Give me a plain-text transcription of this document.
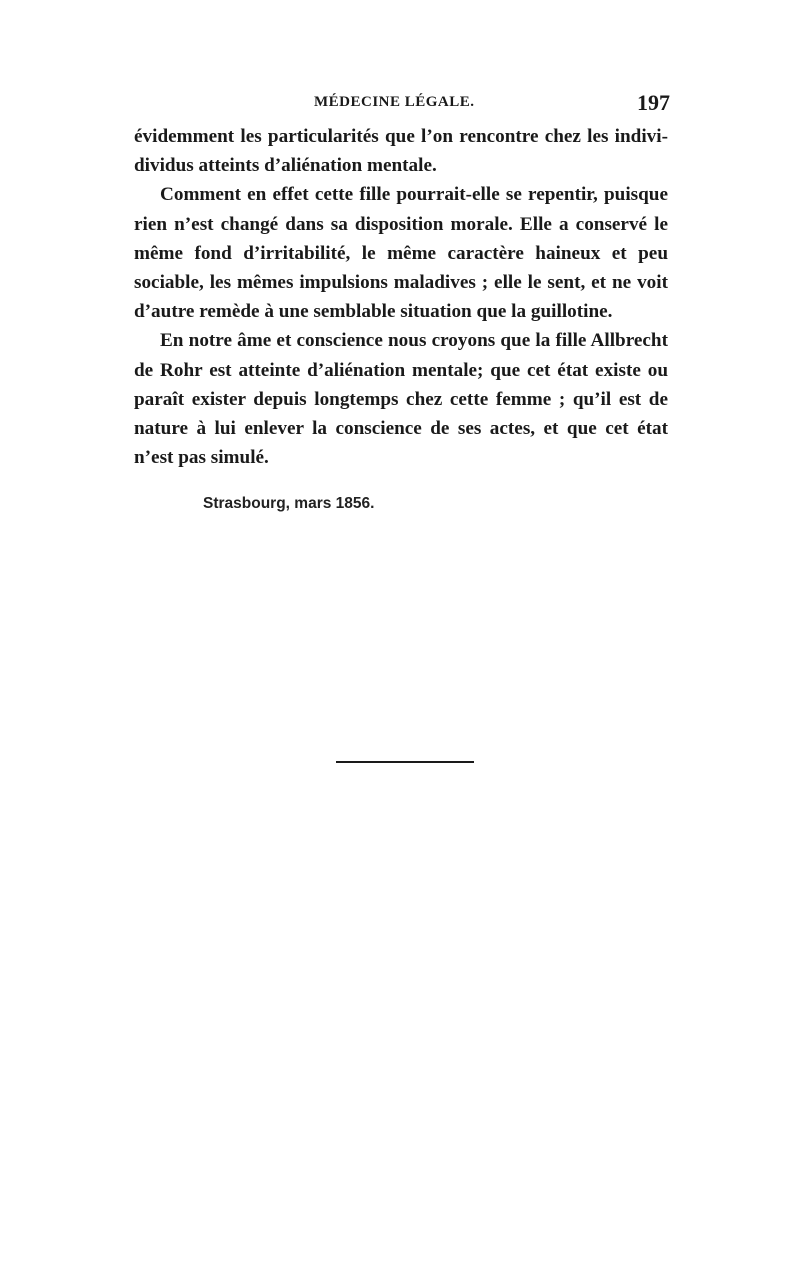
MÉDECINE LÉGALE.	197

évidemment les particularités que l’on rencontre chez les individividus atteints d’aliénation mentale.

Comment en effet cette fille pourrait-elle se repentir, puisque rien n’est changé dans sa disposition morale. Elle a conservé le même fond d’irritabilité, le même caractère haineux et peu sociable, les mêmes impulsions maladives ; elle le sent, et ne voit d’autre remède à une semblable situation que la guillotine.

En notre âme et conscience nous croyons que la fille Allbrecht de Rohr est atteinte d’aliénation mentale; que cet état existe ou paraît exister depuis longtemps chez cette femme ; qu’il est de nature à lui enlever la conscience de ses actes, et que cet état n’est pas simulé.

Strasbourg, mars 1856.
